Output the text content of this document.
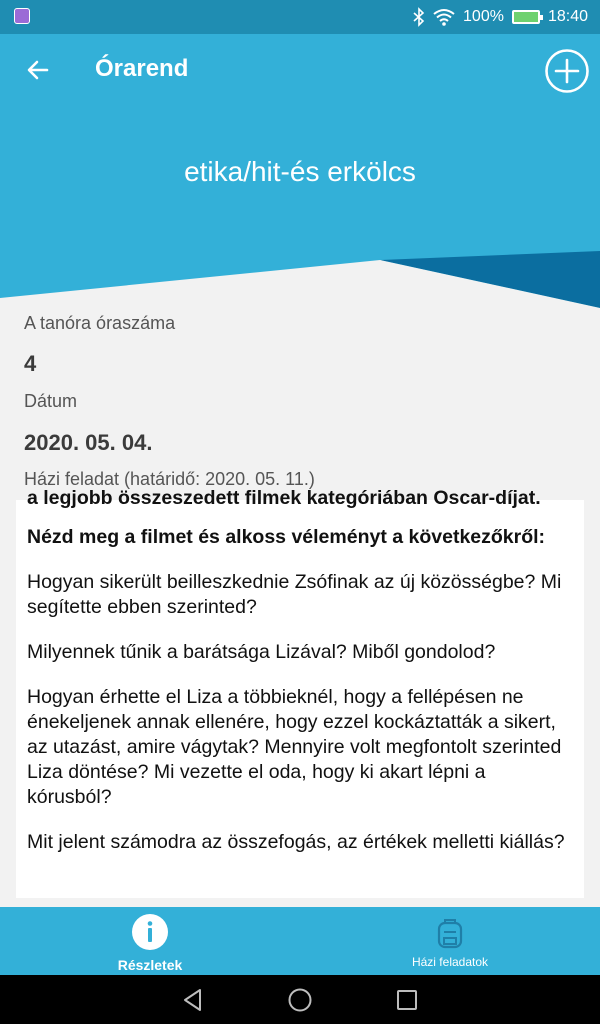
100%	18:40
Órarend
etika/hit-és erkölcs
A tanóra óraszáma
4
Dátum
2020. 05. 04.
Házi feladat (határidő: 2020. 05. 11.)

a legjobb összeszedett filmek kategóriában Oscar-díjat.

Nézd meg a filmet és alkoss véleményt a következőkről:

Hogyan sikerült beilleszkednie Zsófinak az új közösségbe? Mi segítette ebben szerinted?

Milyennek tűnik a barátsága Lizával? Miből gondolod?

Hogyan érhette el Liza a többieknél, hogy a fellépésen ne énekeljenek annak ellenére, hogy ezzel kockáztatták a sikert, az utazást, amire vágytak? Mennyire volt megfontolt szerinted Liza döntése? Mi vezette el oda, hogy ki akart lépni a kórusból?

Mit jelent számodra az összefogás, az értékek melletti kiállás?

Részletek	Házi feladatok
